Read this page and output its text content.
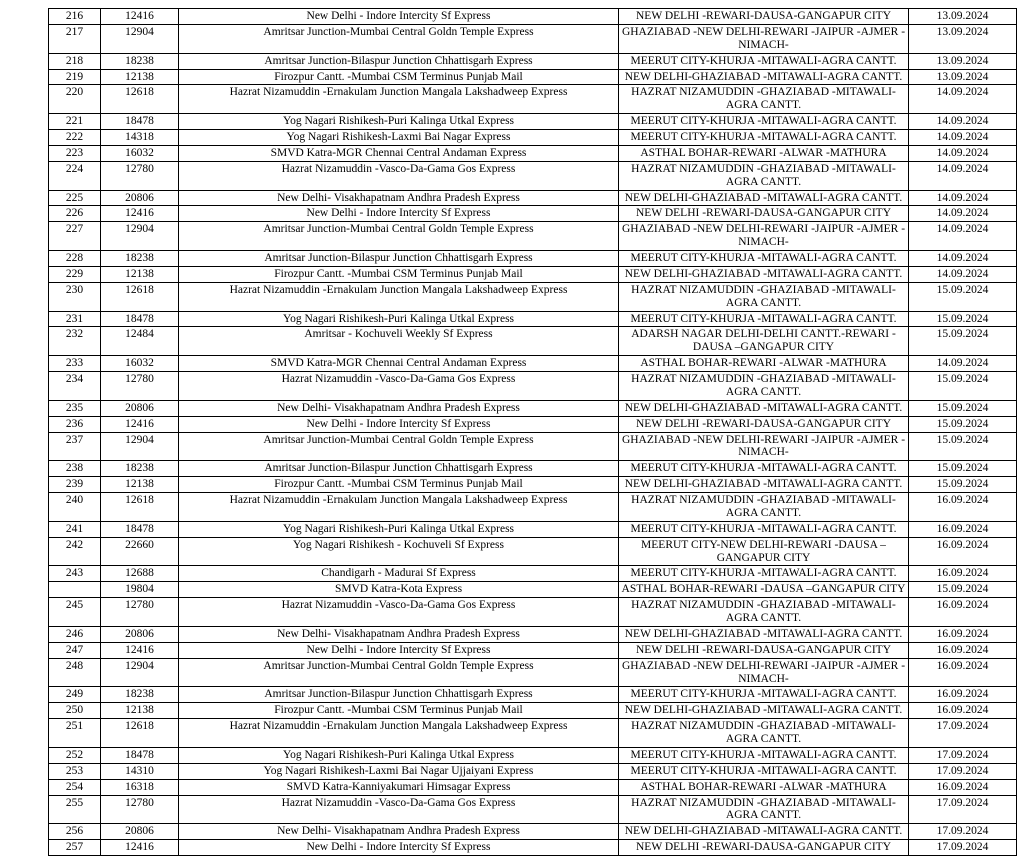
216	12416	New Delhi - Indore Intercity Sf Express	NEW DELHI -REWARI-DAUSA-GANGAPUR CITY	13.09.2024
217	12904	Amritsar Junction-Mumbai Central Goldn Temple Express	GHAZIABAD -NEW DELHI-REWARI -JAIPUR -AJMER -NIMACH-	13.09.2024
218	18238	Amritsar Junction-Bilaspur Junction Chhattisgarh Express	MEERUT CITY-KHURJA -MITAWALI-AGRA CANTT.	13.09.2024
219	12138	Firozpur Cantt. -Mumbai CSM Terminus Punjab Mail	NEW DELHI-GHAZIABAD -MITAWALI-AGRA CANTT.	13.09.2024
220	12618	Hazrat Nizamuddin -Ernakulam Junction Mangala Lakshadweep Express	HAZRAT NIZAMUDDIN -GHAZIABAD -MITAWALI-AGRA CANTT.	14.09.2024
221	18478	Yog Nagari Rishikesh-Puri Kalinga Utkal Express	MEERUT CITY-KHURJA -MITAWALI-AGRA CANTT.	14.09.2024
222	14318	Yog Nagari Rishikesh-Laxmi Bai Nagar Express	MEERUT CITY-KHURJA -MITAWALI-AGRA CANTT.	14.09.2024
223	16032	SMVD Katra-MGR Chennai Central Andaman Express	ASTHAL BOHAR-REWARI -ALWAR -MATHURA	14.09.2024
224	12780	Hazrat Nizamuddin -Vasco-Da-Gama Gos Express	HAZRAT NIZAMUDDIN -GHAZIABAD -MITAWALI-AGRA CANTT.	14.09.2024
225	20806	New Delhi- Visakhapatnam Andhra Pradesh Express	NEW DELHI-GHAZIABAD -MITAWALI-AGRA CANTT.	14.09.2024
226	12416	New Delhi - Indore Intercity Sf Express	NEW DELHI -REWARI-DAUSA-GANGAPUR CITY	14.09.2024
227	12904	Amritsar Junction-Mumbai Central Goldn Temple Express	GHAZIABAD -NEW DELHI-REWARI -JAIPUR -AJMER -NIMACH-	14.09.2024
228	18238	Amritsar Junction-Bilaspur Junction Chhattisgarh Express	MEERUT CITY-KHURJA -MITAWALI-AGRA CANTT.	14.09.2024
229	12138	Firozpur Cantt. -Mumbai CSM Terminus Punjab Mail	NEW DELHI-GHAZIABAD -MITAWALI-AGRA CANTT.	14.09.2024
230	12618	Hazrat Nizamuddin -Ernakulam Junction Mangala Lakshadweep Express	HAZRAT NIZAMUDDIN -GHAZIABAD -MITAWALI-AGRA CANTT.	15.09.2024
231	18478	Yog Nagari Rishikesh-Puri Kalinga Utkal Express	MEERUT CITY-KHURJA -MITAWALI-AGRA CANTT.	15.09.2024
232	12484	Amritsar - Kochuveli Weekly Sf Express	ADARSH NAGAR DELHI-DELHI CANTT.-REWARI -DAUSA –GANGAPUR CITY	15.09.2024
233	16032	SMVD Katra-MGR Chennai Central Andaman Express	ASTHAL BOHAR-REWARI -ALWAR -MATHURA	14.09.2024
234	12780	Hazrat Nizamuddin -Vasco-Da-Gama Gos Express	HAZRAT NIZAMUDDIN -GHAZIABAD -MITAWALI-AGRA CANTT.	15.09.2024
235	20806	New Delhi- Visakhapatnam Andhra Pradesh Express	NEW DELHI-GHAZIABAD -MITAWALI-AGRA CANTT.	15.09.2024
236	12416	New Delhi - Indore Intercity Sf Express	NEW DELHI -REWARI-DAUSA-GANGAPUR CITY	15.09.2024
237	12904	Amritsar Junction-Mumbai Central Goldn Temple Express	GHAZIABAD -NEW DELHI-REWARI -JAIPUR -AJMER -NIMACH-	15.09.2024
238	18238	Amritsar Junction-Bilaspur Junction Chhattisgarh Express	MEERUT CITY-KHURJA -MITAWALI-AGRA CANTT.	15.09.2024
239	12138	Firozpur Cantt. -Mumbai CSM Terminus Punjab Mail	NEW DELHI-GHAZIABAD -MITAWALI-AGRA CANTT.	15.09.2024
240	12618	Hazrat Nizamuddin -Ernakulam Junction Mangala Lakshadweep Express	HAZRAT NIZAMUDDIN -GHAZIABAD -MITAWALI-AGRA CANTT.	16.09.2024
241	18478	Yog Nagari Rishikesh-Puri Kalinga Utkal Express	MEERUT CITY-KHURJA -MITAWALI-AGRA CANTT.	16.09.2024
242	22660	Yog Nagari Rishikesh - Kochuveli Sf Express	MEERUT CITY-NEW DELHI-REWARI -DAUSA –GANGAPUR CITY	16.09.2024
243	12688	Chandigarh - Madurai Sf Express	MEERUT CITY-KHURJA -MITAWALI-AGRA CANTT.	16.09.2024
	19804	SMVD Katra-Kota Express	ASTHAL BOHAR-REWARI -DAUSA –GANGAPUR CITY	15.09.2024
245	12780	Hazrat Nizamuddin -Vasco-Da-Gama Gos Express	HAZRAT NIZAMUDDIN -GHAZIABAD -MITAWALI-AGRA CANTT.	16.09.2024
246	20806	New Delhi- Visakhapatnam Andhra Pradesh Express	NEW DELHI-GHAZIABAD -MITAWALI-AGRA CANTT.	16.09.2024
247	12416	New Delhi - Indore Intercity Sf Express	NEW DELHI -REWARI-DAUSA-GANGAPUR CITY	16.09.2024
248	12904	Amritsar Junction-Mumbai Central Goldn Temple Express	GHAZIABAD -NEW DELHI-REWARI -JAIPUR -AJMER -NIMACH-	16.09.2024
249	18238	Amritsar Junction-Bilaspur Junction Chhattisgarh Express	MEERUT CITY-KHURJA -MITAWALI-AGRA CANTT.	16.09.2024
250	12138	Firozpur Cantt. -Mumbai CSM Terminus Punjab Mail	NEW DELHI-GHAZIABAD -MITAWALI-AGRA CANTT.	16.09.2024
251	12618	Hazrat Nizamuddin -Ernakulam Junction Mangala Lakshadweep Express	HAZRAT NIZAMUDDIN -GHAZIABAD -MITAWALI-AGRA CANTT.	17.09.2024
252	18478	Yog Nagari Rishikesh-Puri Kalinga Utkal Express	MEERUT CITY-KHURJA -MITAWALI-AGRA CANTT.	17.09.2024
253	14310	Yog Nagari Rishikesh-Laxmi Bai Nagar Ujjaiyani Express	MEERUT CITY-KHURJA -MITAWALI-AGRA CANTT.	17.09.2024
254	16318	SMVD Katra-Kanniyakumari Himsagar Express	ASTHAL BOHAR-REWARI -ALWAR -MATHURA	16.09.2024
255	12780	Hazrat Nizamuddin -Vasco-Da-Gama Gos Express	HAZRAT NIZAMUDDIN -GHAZIABAD -MITAWALI-AGRA CANTT.	17.09.2024
256	20806	New Delhi- Visakhapatnam Andhra Pradesh Express	NEW DELHI-GHAZIABAD -MITAWALI-AGRA CANTT.	17.09.2024
257	12416	New Delhi - Indore Intercity Sf Express	NEW DELHI -REWARI-DAUSA-GANGAPUR CITY	17.09.2024
